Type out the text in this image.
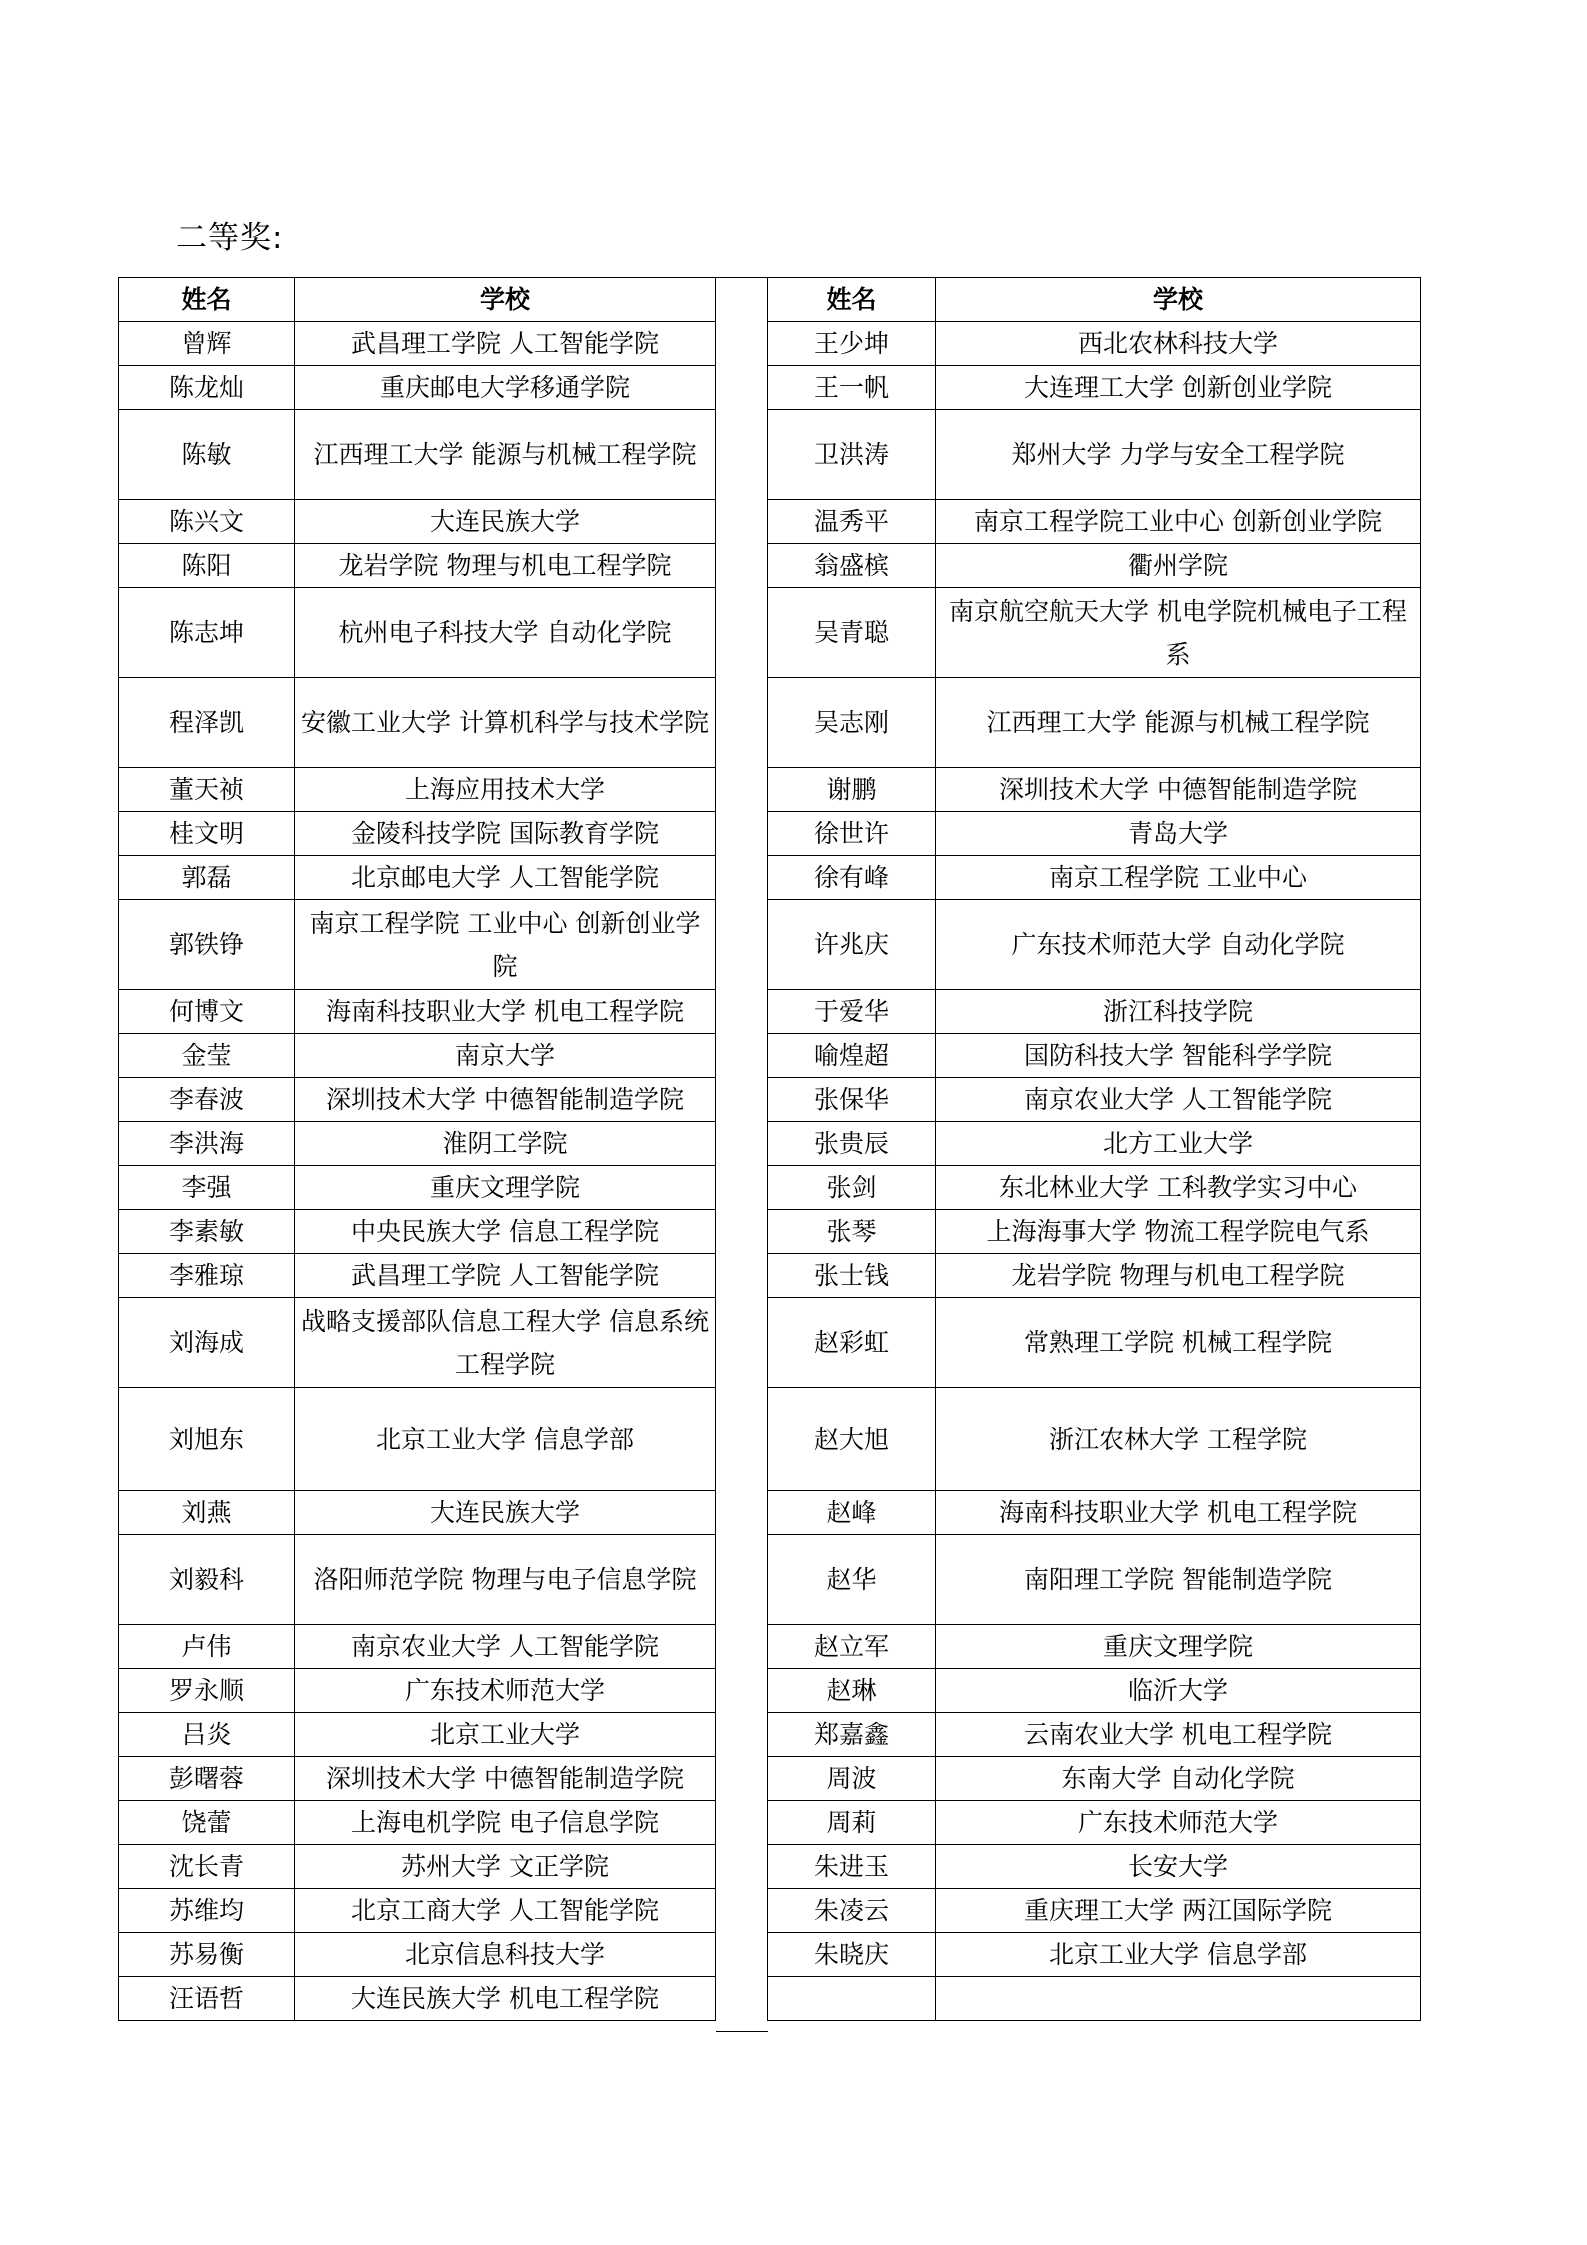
二等奖:
姓名	学校
曾辉	武昌理工学院 人工智能学院
陈龙灿	重庆邮电大学移通学院
陈敏	江西理工大学 能源与机械工程学院
陈兴文	大连民族大学
陈阳	龙岩学院 物理与机电工程学院
陈志坤	杭州电子科技大学 自动化学院
程泽凯	安徽工业大学 计算机科学与技术学院
董天祯	上海应用技术大学
桂文明	金陵科技学院 国际教育学院
郭磊	北京邮电大学 人工智能学院
郭铁铮	南京工程学院 工业中心 创新创业学院
何博文	海南科技职业大学 机电工程学院
金莹	南京大学
李春波	深圳技术大学 中德智能制造学院
李洪海	淮阴工学院
李强	重庆文理学院
李素敏	中央民族大学 信息工程学院
李雅琼	武昌理工学院 人工智能学院
刘海成	战略支援部队信息工程大学 信息系统工程学院
刘旭东	北京工业大学 信息学部
刘燕	大连民族大学
刘毅科	洛阳师范学院 物理与电子信息学院
卢伟	南京农业大学 人工智能学院
罗永顺	广东技术师范大学
吕炎	北京工业大学
彭曙蓉	深圳技术大学 中德智能制造学院
饶蕾	上海电机学院 电子信息学院
沈长青	苏州大学 文正学院
苏维均	北京工商大学 人工智能学院
苏易衡	北京信息科技大学
汪语哲	大连民族大学 机电工程学院
姓名	学校
王少坤	西北农林科技大学
王一帆	大连理工大学 创新创业学院
卫洪涛	郑州大学 力学与安全工程学院
温秀平	南京工程学院工业中心 创新创业学院
翁盛槟	衢州学院
吴青聪	南京航空航天大学 机电学院机械电子工程系
吴志刚	江西理工大学 能源与机械工程学院
谢鹏	深圳技术大学 中德智能制造学院
徐世许	青岛大学
徐有峰	南京工程学院 工业中心
许兆庆	广东技术师范大学 自动化学院
于爱华	浙江科技学院
喻煌超	国防科技大学 智能科学学院
张保华	南京农业大学 人工智能学院
张贵辰	北方工业大学
张剑	东北林业大学 工科教学实习中心
张琴	上海海事大学 物流工程学院电气系
张士钱	龙岩学院 物理与机电工程学院
赵彩虹	常熟理工学院 机械工程学院
赵大旭	浙江农林大学 工程学院
赵峰	海南科技职业大学 机电工程学院
赵华	南阳理工学院 智能制造学院
赵立军	重庆文理学院
赵琳	临沂大学
郑嘉鑫	云南农业大学 机电工程学院
周波	东南大学 自动化学院
周莉	广东技术师范大学
朱进玉	长安大学
朱凌云	重庆理工大学 两江国际学院
朱晓庆	北京工业大学 信息学部
